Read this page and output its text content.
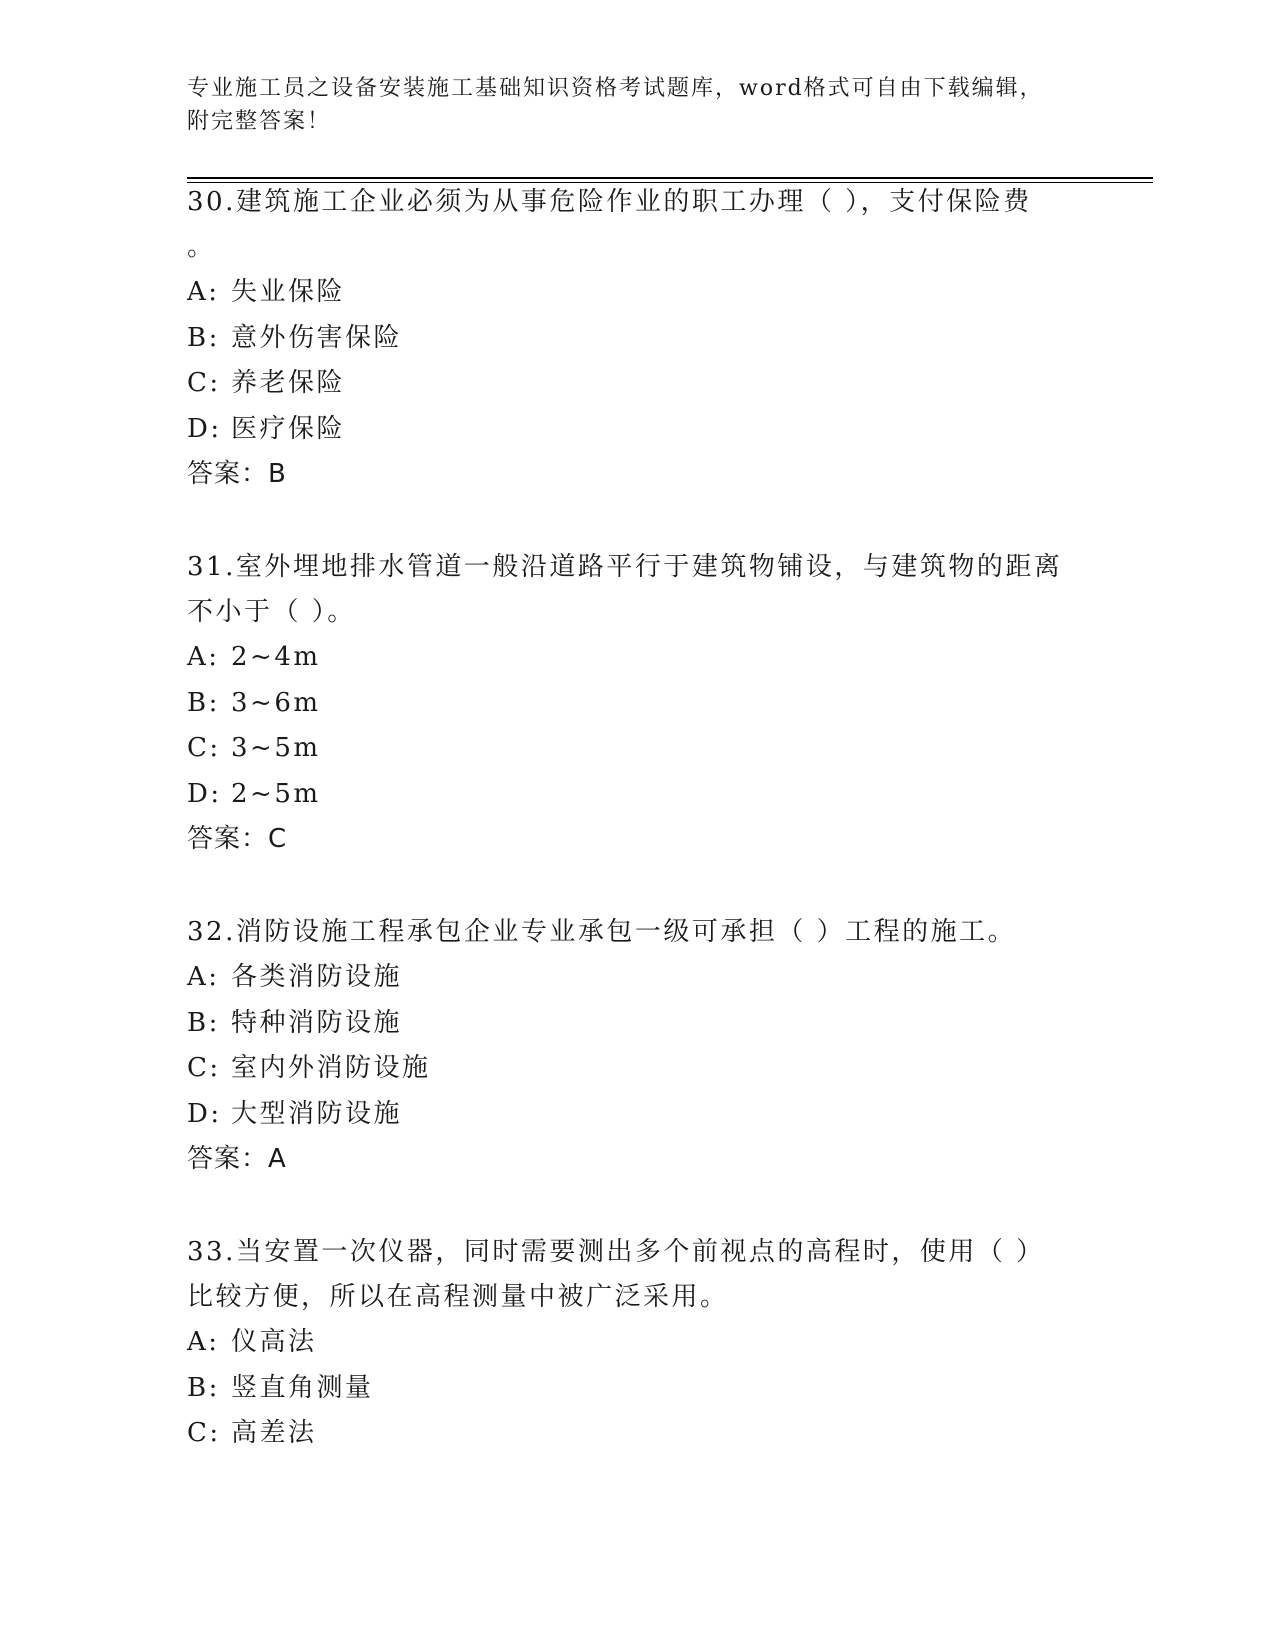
专业施工员之设备安装施工基础知识资格考试题库，word格式可自由下载编辑，
附完整答案！
30.建筑施工企业必须为从事危险作业的职工办理（ ），支付保险费
。
A: 失业保险
B: 意外伤害保险
C: 养老保险
D: 医疗保险
答案：B
31.室外埋地排水管道一般沿道路平行于建筑物铺设，与建筑物的距离
不小于（ ）。
A: 2~4m
B: 3~6m
C: 3~5m
D: 2~5m
答案：C
32.消防设施工程承包企业专业承包一级可承担（ ）工程的施工。
A: 各类消防设施
B: 特种消防设施
C: 室内外消防设施
D: 大型消防设施
答案：A
33.当安置一次仪器，同时需要测出多个前视点的高程时，使用（ ）
比较方便，所以在高程测量中被广泛采用。
A: 仪高法
B: 竖直角测量
C: 高差法
